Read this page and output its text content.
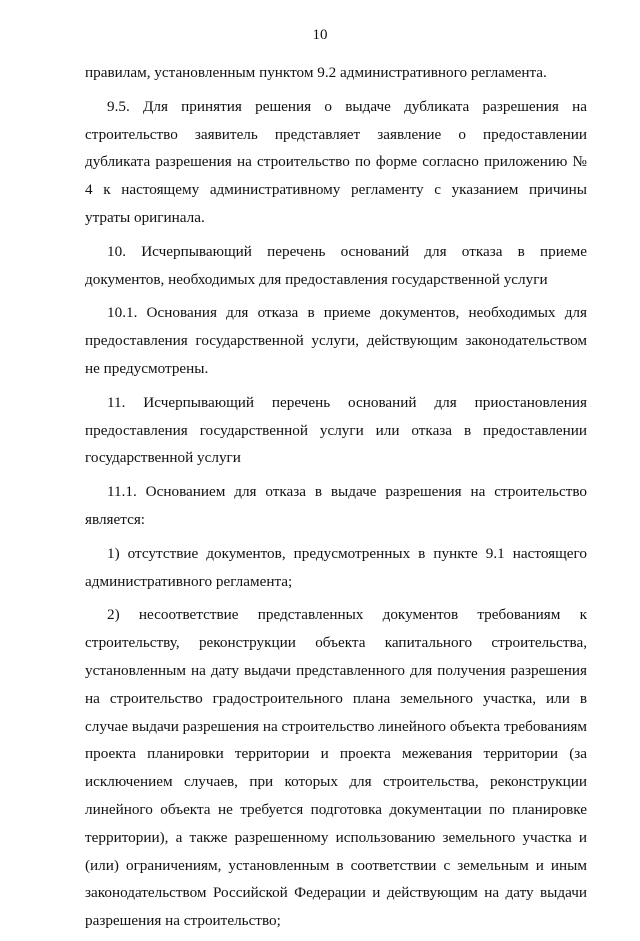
10

правилам, установленным пунктом 9.2 административного регламента.

9.5. Для принятия решения о выдаче дубликата разрешения на строительство заявитель представляет заявление о предоставлении дубликата разрешения на строительство по форме согласно приложению № 4 к настоящему административному регламенту с указанием причины утраты оригинала.

10. Исчерпывающий перечень оснований для отказа в приеме документов, необходимых для предоставления государственной услуги

10.1. Основания для отказа в приеме документов, необходимых для предоставления государственной услуги, действующим законодательством не предусмотрены.

11. Исчерпывающий перечень оснований для приостановления предоставления государственной услуги или отказа в предоставлении государственной услуги

11.1. Основанием для отказа в выдаче разрешения на строительство является:

1) отсутствие документов, предусмотренных в пункте 9.1 настоящего административного регламента;

2) несоответствие представленных документов требованиям к строительству, реконструкции объекта капитального строительства, установленным на дату выдачи представленного для получения разрешения на строительство градостроительного плана земельного участка, или в случае выдачи разрешения на строительство линейного объекта требованиям проекта планировки территории и проекта межевания территории (за исключением случаев, при которых для строительства, реконструкции линейного объекта не требуется подготовка документации по планировке территории), а также разрешенному использованию земельного участка и (или) ограничениям, установленным в соответствии с земельным и иным законодательством Российской Федерации и действующим на дату выдачи разрешения на строительство;
